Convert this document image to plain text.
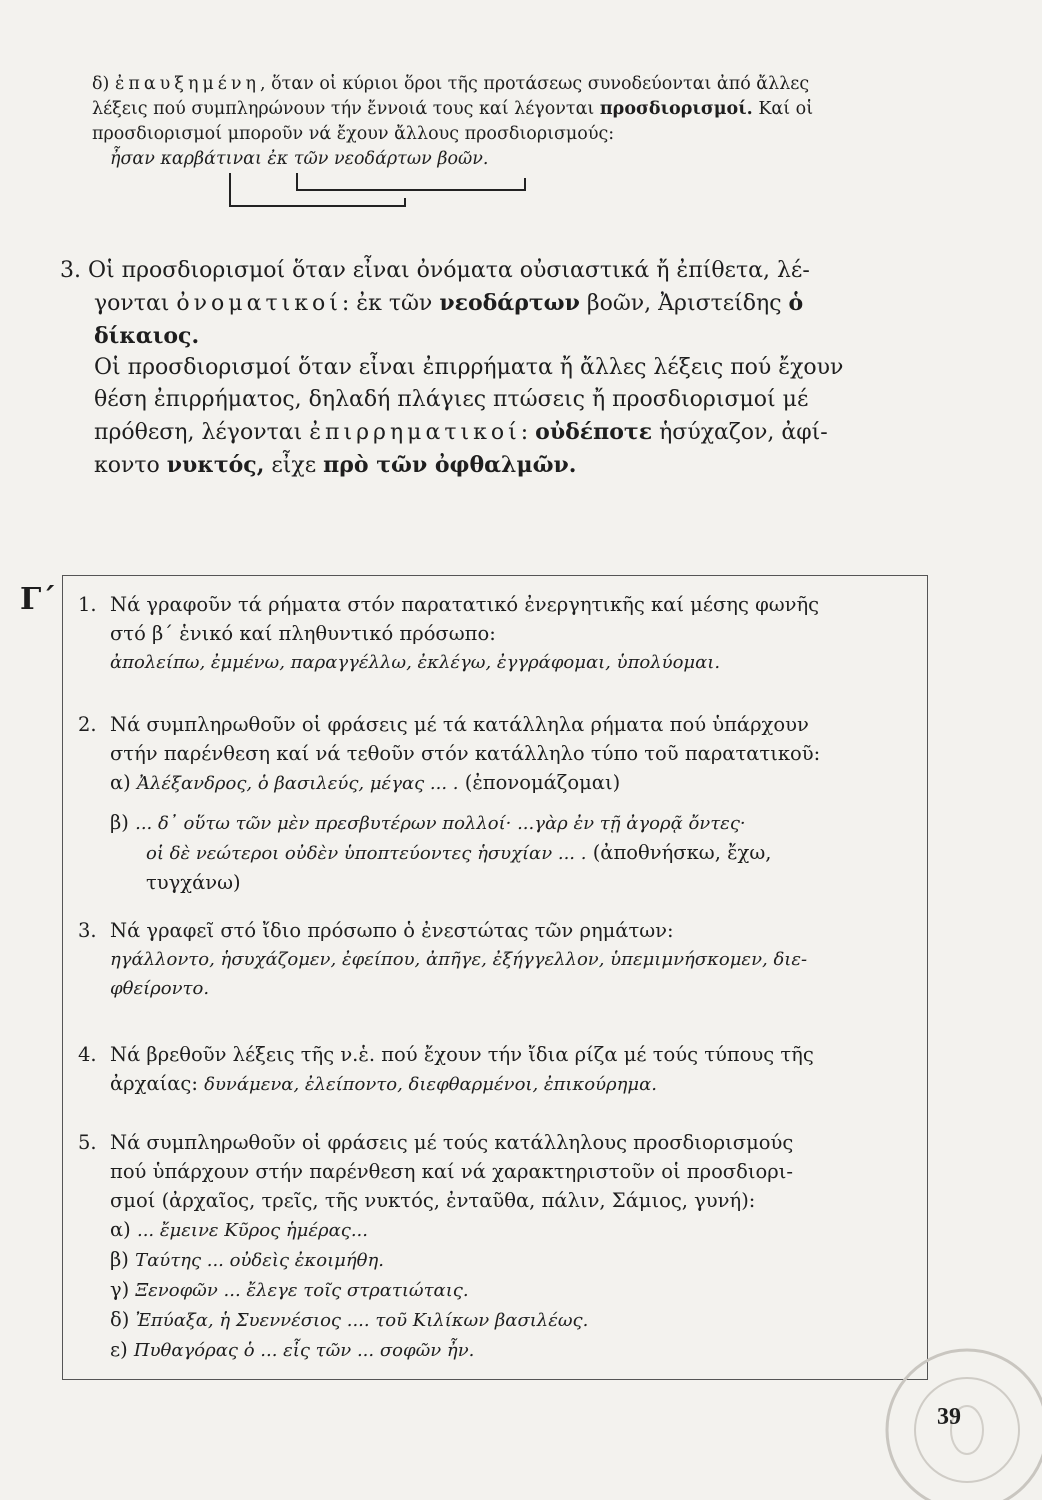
δ) ἐπαυξημένη, ὅταν οἱ κύριοι ὅροι τῆς προτάσεως συνοδεύονται ἀπό ἄλλες

λέξεις πού συμπληρώνουν τήν ἔννοιά τους καί λέγονται προσδιορισμοί. Καί οἱ

προσδιορισμοί μποροῦν νά ἔχουν ἄλλους προσδιορισμούς:

ἦσαν καρβάτιναι ἐκ τῶν νεοδάρτων βοῶν.

3. Οἱ προσδιορισμοί ὅταν εἶναι ὀνόματα οὐσιαστικά ἤ ἐπίθετα, λέ-

γονται ὀνοματικοί: ἐκ τῶν νεοδάρτων βοῶν, Ἀριστείδης ὁ

δίκαιος.

Οἱ προσδιορισμοί ὅταν εἶναι ἐπιρρήματα ἤ ἄλλες λέξεις πού ἔχουν

θέση ἐπιρρήματος, δηλαδή πλάγιες πτώσεις ἤ προσδιορισμοί μέ

πρόθεση, λέγονται ἐπιρρηματικοί: οὐδέποτε ἡσύχαζον, ἀφί-

κοντο νυκτός, εἶχε πρὸ τῶν ὀφθαλμῶν.

Γ΄ 1. Νά γραφοῦν τά ρήματα στόν παρατατικό ἐνεργητικῆς καί μέσης φωνῆς

στό β΄ ἑνικό καί πληθυντικό πρόσωπο:

ἀπολείπω, ἐμμένω, παραγγέλλω, ἐκλέγω, ἐγγράφομαι, ὑπολύομαι.

2. Νά συμπληρωθοῦν οἱ φράσεις μέ τά κατάλληλα ρήματα πού ὑπάρχουν

στήν παρένθεση καί νά τεθοῦν στόν κατάλληλο τύπο τοῦ παρατατικοῦ:

α) Ἀλέξανδρος, ὁ βασιλεύς, μέγας ... . (ἐπονομάζομαι)

β) ... δ᾿ οὕτω τῶν μὲν πρεσβυτέρων πολλοί· ...γὰρ ἐν τῇ ἀγορᾷ ὄντες·

οἱ δὲ νεώτεροι οὐδὲν ὑποπτεύοντες ἡσυχίαν ... . (ἀποθνήσκω, ἔχω,

τυγχάνω)

3. Νά γραφεῖ στό ἴδιο πρόσωπο ὁ ἐνεστώτας τῶν ρημάτων:

ηγάλλοντο, ἡσυχάζομεν, ἐφείπου, ἀπῆγε, ἐξήγγελλον, ὑπεμιμνήσκομεν, διε-

φθείροντο.

4. Νά βρεθοῦν λέξεις τῆς ν.ἑ. πού ἔχουν τήν ἴδια ρίζα μέ τούς τύπους τῆς

ἀρχαίας: δυνάμενα, ἐλείποντο, διεφθαρμένοι, ἐπικούρημα.

5. Νά συμπληρωθοῦν οἱ φράσεις μέ τούς κατάλληλους προσδιορισμούς

πού ὑπάρχουν στήν παρένθεση καί νά χαρακτηριστοῦν οἱ προσδιορι-

σμοί (ἀρχαῖος, τρεῖς, τῆς νυκτός, ἐνταῦθα, πάλιν, Σάμιος, γυνή):

α) ... ἔμεινε Κῦρος ἡμέρας...

β) Ταύτης ... οὐδεὶς ἐκοιμήθη.

γ) Ξενοφῶν ... ἔλεγε τοῖς στρατιώταις.

δ) Ἐπύαξα, ἡ Συεννέσιος .... τοῦ Κιλίκων βασιλέως.

ε) Πυθαγόρας ὁ ... εἷς τῶν ... σοφῶν ἦν.

39
